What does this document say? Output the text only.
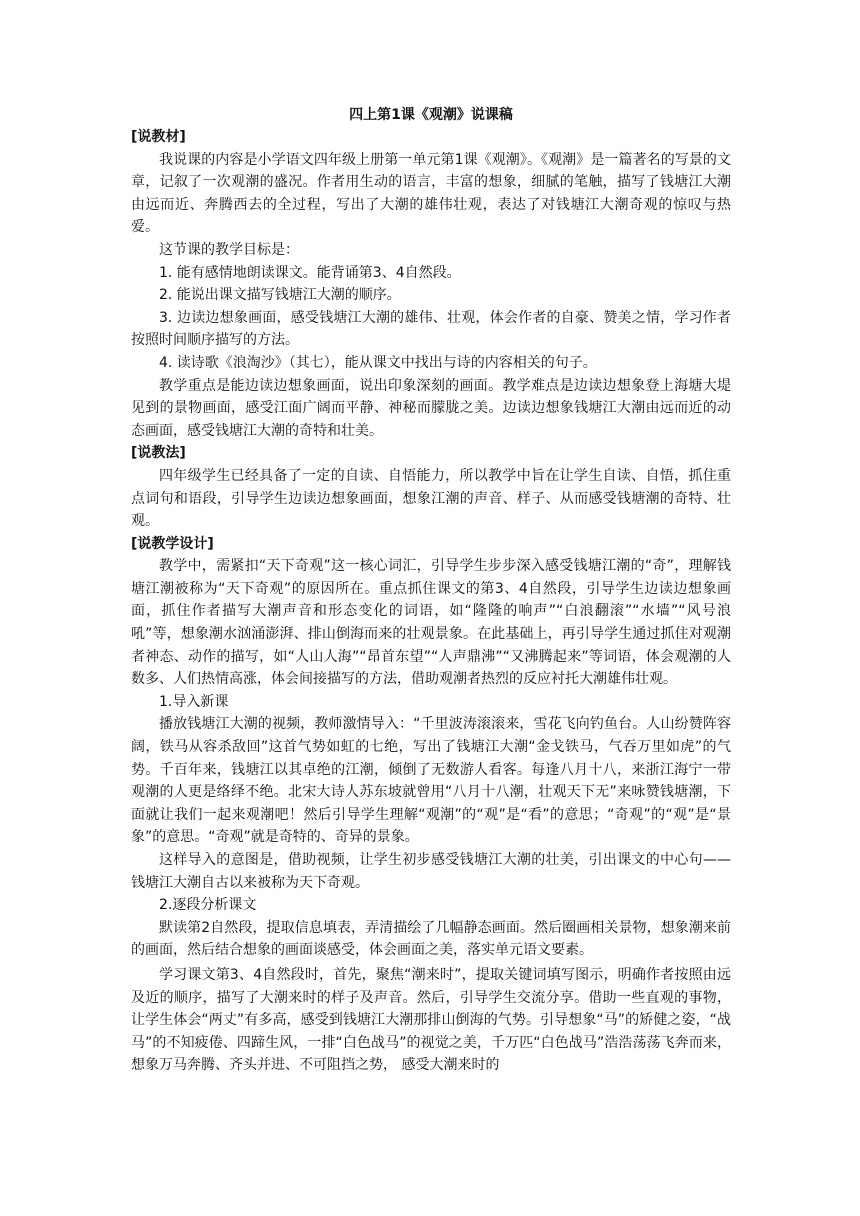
四上第1课《观潮》说课稿

[说教材]

我说课的内容是小学语文四年级上册第一单元第1课《观潮》。《观潮》是一篇著名的写景的文章，记叙了一次观潮的盛况。作者用生动的语言，丰富的想象，细腻的笔触，描写了钱塘江大潮由远而近、奔腾西去的全过程，写出了大潮的雄伟壮观，表达了对钱塘江大潮奇观的惊叹与热爱。

这节课的教学目标是：

1. 能有感情地朗读课文。能背诵第3、4自然段。

2. 能说出课文描写钱塘江大潮的顺序。

3. 边读边想象画面，感受钱塘江大潮的雄伟、壮观，体会作者的自豪、赞美之情，学习作者按照时间顺序描写的方法。

4. 读诗歌《浪淘沙》（其七），能从课文中找出与诗的内容相关的句子。

教学重点是能边读边想象画面，说出印象深刻的画面。教学难点是边读边想象登上海塘大堤见到的景物画面，感受江面广阔而平静、神秘而朦胧之美。边读边想象钱塘江大潮由远而近的动态画面，感受钱塘江大潮的奇特和壮美。

[说教法]

四年级学生已经具备了一定的自读、自悟能力，所以教学中旨在让学生自读、自悟，抓住重点词句和语段，引导学生边读边想象画面，想象江潮的声音、样子、从而感受钱塘潮的奇特、壮观。

[说教学设计]

教学中，需紧扣“天下奇观”这一核心词汇，引导学生步步深入感受钱塘江潮的“奇”，理解钱塘江潮被称为“天下奇观”的原因所在。重点抓住课文的第3、4自然段，引导学生边读边想象画面，抓住作者描写大潮声音和形态变化的词语，如“隆隆的响声”“白浪翻滚”“水墙”“风号浪吼”等，想象潮水汹涌澎湃、排山倒海而来的壮观景象。在此基础上，再引导学生通过抓住对观潮者神态、动作的描写，如“人山人海”“昂首东望”“人声鼎沸”“又沸腾起来”等词语，体会观潮的人数多、人们热情高涨，体会间接描写的方法，借助观潮者热烈的反应衬托大潮雄伟壮观。

1.导入新课

播放钱塘江大潮的视频，教师激情导入：“千里波涛滚滚来，雪花飞向钓鱼台。人山纷赞阵容阔，铁马从容杀敌回”这首气势如虹的七绝，写出了钱塘江大潮“金戈铁马，气吞万里如虎”的气势。千百年来，钱塘江以其卓绝的江潮，倾倒了无数游人看客。每逢八月十八，来浙江海宁一带观潮的人更是络绎不绝。北宋大诗人苏东坡就曾用“八月十八潮，壮观天下无”来咏赞钱塘潮，下面就让我们一起来观潮吧！然后引导学生理解“观潮”的“观”是“看”的意思；“奇观”的“观”是“景象”的意思。“奇观”就是奇特的、奇异的景象。

这样导入的意图是，借助视频，让学生初步感受钱塘江大潮的壮美，引出课文的中心句——钱塘江大潮自古以来被称为天下奇观。

2.逐段分析课文

默读第2自然段，提取信息填表，弄清描绘了几幅静态画面。然后圈画相关景物，想象潮来前的画面，然后结合想象的画面谈感受，体会画面之美，落实单元语文要素。

学习课文第3、4自然段时，首先，聚焦“潮来时”，提取关键词填写图示，明确作者按照由远及近的顺序，描写了大潮来时的样子及声音。然后，引导学生交流分享。借助一些直观的事物，让学生体会“两丈”有多高，感受到钱塘江大潮那排山倒海的气势。引导想象“马”的矫健之姿，“战马”的不知疲倦、四蹄生风，一排“白色战马”的视觉之美，千万匹“白色战马”浩浩荡荡飞奔而来，想象万马奔腾、齐头并进、不可阻挡之势， 感受大潮来时的
